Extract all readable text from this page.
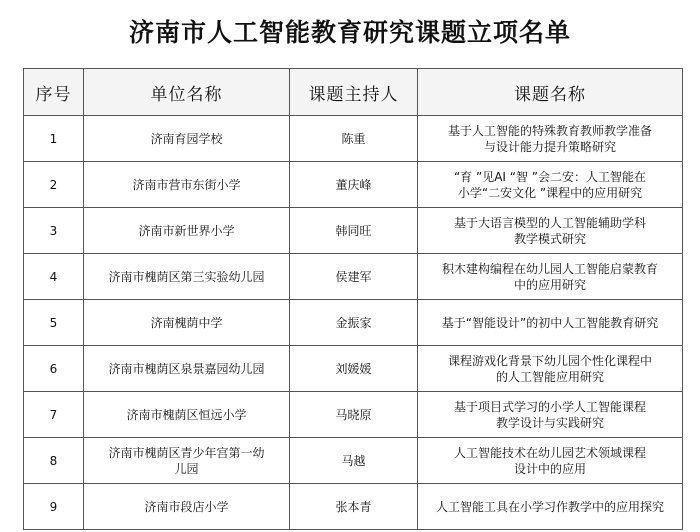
济南市人工智能教育研究课题立项名单
序号	单位名称	课题主持人	课题名称
1	济南育园学校	陈重	基于人工智能的特殊教育教师教学准备
与设计能力提升策略研究
2	济南市营市东街小学	董庆峰	“育 ”见AI “智 ”会二安：人工智能在
小学“二安文化 ”课程中的应用研究
3	济南市新世界小学	韩同旺	基于大语言模型的人工智能辅助学科
教学模式研究
4	济南市槐荫区第三实验幼儿园	侯建军	积木建构编程在幼儿园人工智能启蒙教育
中的应用研究
5	济南槐荫中学	金振家	基于“智能设计”的初中人工智能教育研究
6	济南市槐荫区泉景嘉园幼儿园	刘媛媛	课程游戏化背景下幼儿园个性化课程中
的人工智能应用研究
7	济南市槐荫区恒远小学	马晓原	基于项目式学习的小学人工智能课程
教学设计与实践研究
8	济南市槐荫区青少年宫第一幼
儿园	马越	人工智能技术在幼儿园艺术领域课程
设计中的应用
9	济南市段店小学	张本青	人工智能工具在小学习作教学中的应用探究
